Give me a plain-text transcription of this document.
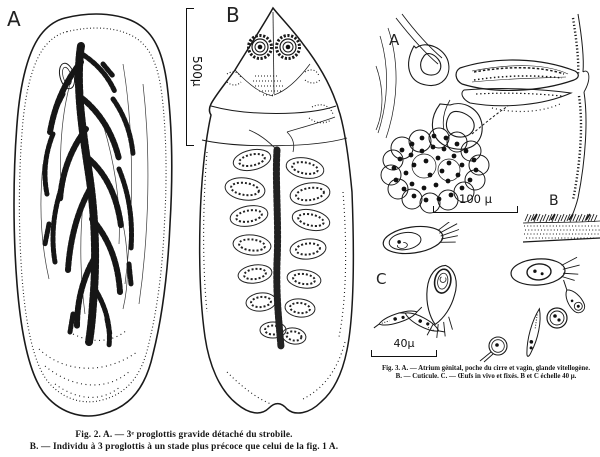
A
500μ
B
Fig. 2. A. — 3ᵉ proglottis gravide détaché du strobile.
B. — Individu à 3 proglottis à un stade plus précoce que celui de la fig. 1 A.
A
100 μ	B
C
40μ
Fig. 3. A. — Atrium génital, poche du cirre et vagin, glande vitellogène.
B. — Cuticule. C. — Œufs in vivo et fixés. B et C échelle 40 μ.
